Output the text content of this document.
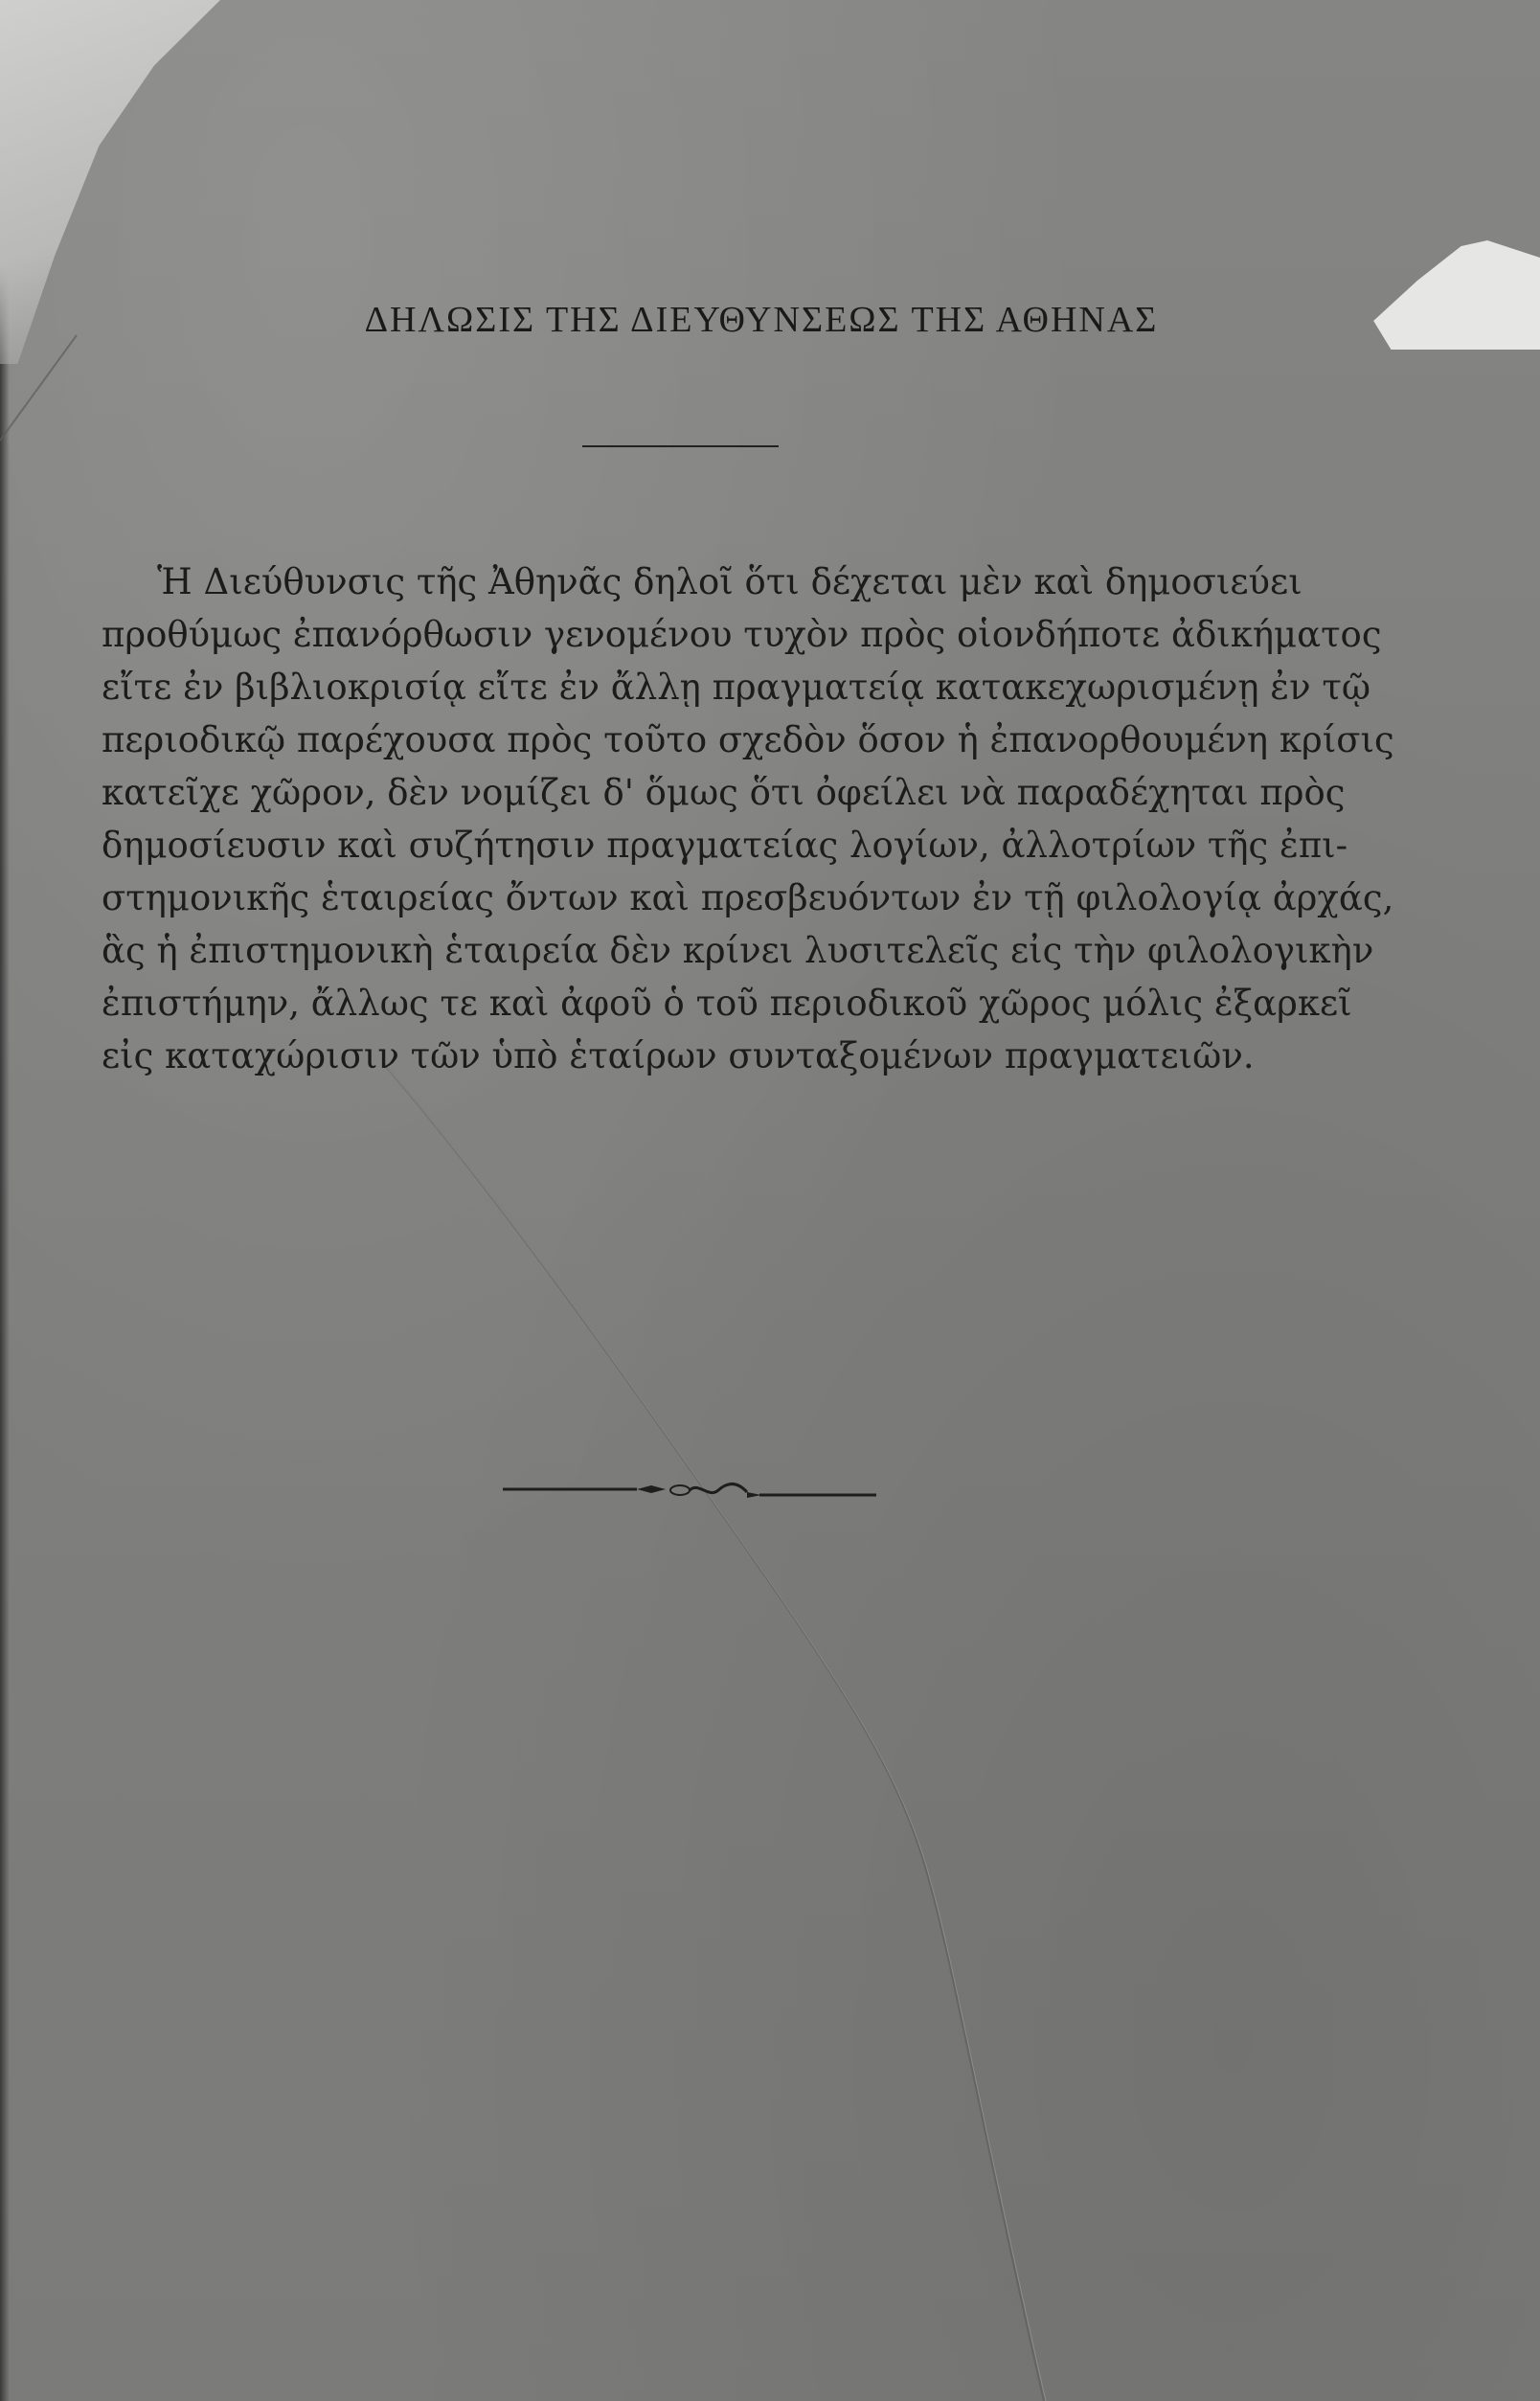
ΔΗΛΩΣΙΣ ΤΗΣ ΔΙΕΥΘΥΝΣΕΩΣ ΤΗΣ ΑΘΗΝΑΣ
Ἡ Διεύθυνσις τῆς Ἀθηνᾶς δηλοῖ ὅτι δέχεται μὲν καὶ δημοσιεύει
προθύμως ἐπανόρθωσιν γενομένου τυχὸν πρὸς οἱονδήποτε ἀδικήματος
εἴτε ἐν βιβλιοκρισίᾳ εἴτε ἐν ἄλλῃ πραγματείᾳ κατακεχωρισμένῃ ἐν τῷ
περιοδικῷ παρέχουσα πρὸς τοῦτο σχεδὸν ὅσον ἡ ἐπανορθουμένη κρίσις
κατεῖχε χῶρον, δὲν νομίζει δ' ὅμως ὅτι ὀφείλει νὰ παραδέχηται πρὸς
δημοσίευσιν καὶ συζήτησιν πραγματείας λογίων, ἀλλοτρίων τῆς ἐπι-
στημονικῆς ἑταιρείας ὄντων καὶ πρεσβευόντων ἐν τῇ φιλολογίᾳ ἀρχάς,
ἃς ἡ ἐπιστημονικὴ ἑταιρεία δὲν κρίνει λυσιτελεῖς εἰς τὴν φιλολογικὴν
ἐπιστήμην, ἄλλως τε καὶ ἀφοῦ ὁ τοῦ περιοδικοῦ χῶρος μόλις ἐξαρκεῖ
εἰς καταχώρισιν τῶν ὑπὸ ἑταίρων συνταξομένων πραγματειῶν.
